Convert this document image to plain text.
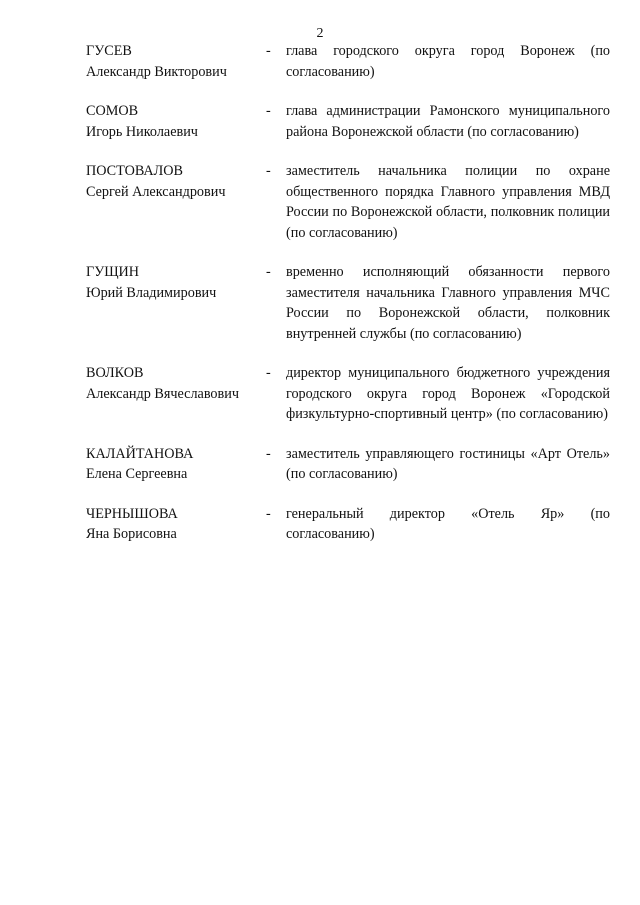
2
ГУСЕВ
Александр Викторович
-	глава городского округа город Воронеж (по согласованию)
СОМОВ
Игорь Николаевич
-	глава администрации Рамонского муниципального района Воронежской области (по согласованию)
ПОСТОВАЛОВ
Сергей Александрович
-	заместитель начальника полиции по охране общественного порядка Главного управления МВД России по Воронежской области, полковник полиции (по согласованию)
ГУЩИН
Юрий Владимирович
-	временно исполняющий обязанности первого заместителя начальника Главного управления МЧС России по Воронежской области, полковник внутренней службы (по согласованию)
ВОЛКОВ
Александр Вячеславович
-	директор муниципального бюджетного учреждения городского округа город Воронеж «Городской физкультурно-спортивный центр» (по согласованию)
КАЛАЙТАНОВА
Елена Сергеевна
-	заместитель управляющего гостиницы «Арт Отель» (по согласованию)
ЧЕРНЫШОВА
Яна Борисовна
-	генеральный директор «Отель Яр» (по согласованию)
